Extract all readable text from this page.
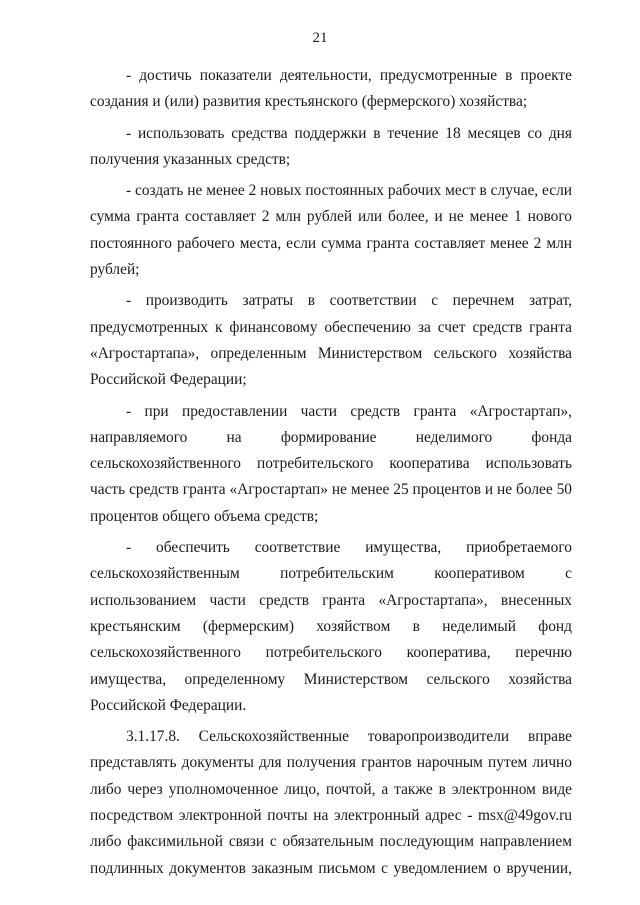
21

- достичь показатели деятельности, предусмотренные в проекте создания и (или) развития крестьянского (фермерского) хозяйства;

- использовать средства поддержки в течение 18 месяцев со дня получения указанных средств;

- создать не менее 2 новых постоянных рабочих мест в случае, если сумма гранта составляет 2 млн рублей или более, и не менее 1 нового постоянного рабочего места, если сумма гранта составляет менее 2 млн рублей;

- производить затраты в соответствии с перечнем затрат, предусмотренных к финансовому обеспечению за счет средств гранта «Агростартапа», определенным Министерством сельского хозяйства Российской Федерации;

- при предоставлении части средств гранта «Агростартап», направляемого на формирование неделимого фонда сельскохозяйственного потребительского кооператива использовать часть средств гранта «Агростартап» не менее 25 процентов и не более 50 процентов общего объема средств;

- обеспечить соответствие имущества, приобретаемого сельскохозяйственным потребительским кооперативом с использованием части средств гранта «Агростартапа», внесенных крестьянским (фермерским) хозяйством в неделимый фонд сельскохозяйственного потребительского кооператива, перечню имущества, определенному Министерством сельского хозяйства Российской Федерации.

3.1.17.8. Сельскохозяйственные товаропроизводители вправе представлять документы для получения грантов нарочным путем лично либо через уполномоченное лицо, почтой, а также в электронном виде посредством электронной почты на электронный адрес - msx@49gov.ru либо факсимильной связи с обязательным последующим направлением подлинных документов заказным письмом с уведомлением о вручении,
